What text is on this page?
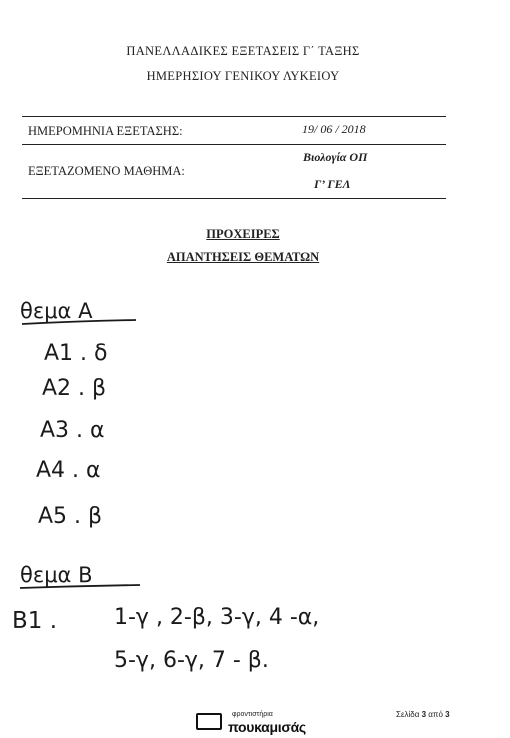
ΠΑΝΕΛΛΑΔΙΚΕΣ ΕΞΕΤΑΣΕΙΣ Γ΄ ΤΑΞΗΣ
ΗΜΕΡΗΣΙΟΥ ΓΕΝΙΚΟΥ ΛΥΚΕΙΟΥ
ΗΜΕΡΟΜΗΝΙΑ ΕΞΕΤΑΣΗΣ:	19/ 06 / 2018
ΕΞΕΤΑΖΟΜΕΝΟ ΜΑΘΗΜΑ:
Βιολογία ΟΠ
Γ’ ΓΕΛ
ΠΡΟΧΕΙΡΕΣ
ΑΠΑΝΤΗΣΕΙΣ ΘΕΜΑΤΩΝ
θεμα Α
Α1 . δ
Α2 . β
Α3 . α
Α4 . α
Α5 . β
θεμα Β
Β1 .	1-γ , 2-β, 3-γ, 4 -α,
5-γ, 6-γ, 7 - β.
φροντιστήρια
πουκαμισάς
Σελίδα 3 από 3
